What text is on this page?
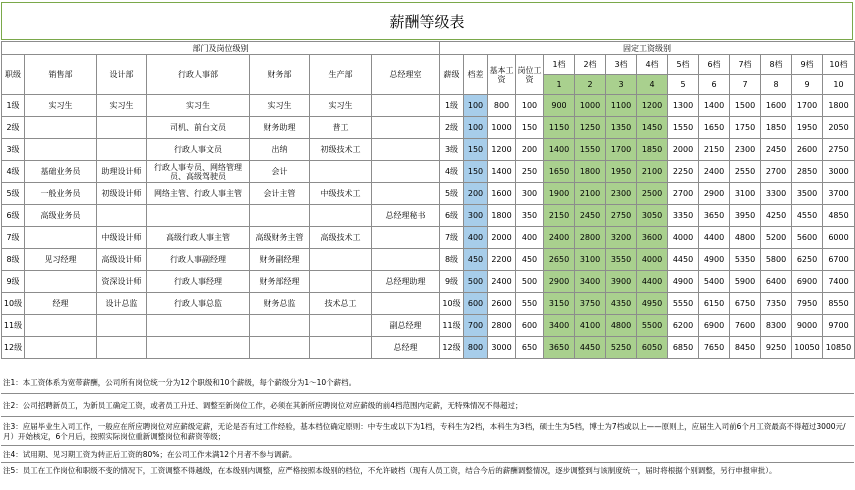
薪酬等级表
部门及岗位级别							固定工资级别													
职级	销售部	设计部	行政人事部	财务部	生产部	总经理室	薪级	档差	基本工资	岗位工资	1档	2档	3档	4档	5档	6档	7档	8档	9档	10档
											1	2	3	4	5	6	7	8	9	10
1级	实习生	实习生	实习生	实习生	实习生		1级	100	800	100	900	1000	1100	1200	1300	1400	1500	1600	1700	1800
2级			司机、前台文员	财务助理	普工		2级	100	1000	150	1150	1250	1350	1450	1550	1650	1750	1850	1950	2050
3级			行政人事文员	出纳	初级技术工		3级	150	1200	200	1400	1550	1700	1850	2000	2150	2300	2450	2600	2750
4级	基础业务员	助理设计师	行政人事专员、网络管理员、高级驾驶员	会计			4级	150	1400	250	1650	1800	1950	2100	2250	2400	2550	2700	2850	3000
5级	一般业务员	初级设计师	网络主管、行政人事主管	会计主管	中级技术工		5级	200	1600	300	1900	2100	2300	2500	2700	2900	3100	3300	3500	3700
6级	高级业务员					总经理秘书	6级	300	1800	350	2150	2450	2750	3050	3350	3650	3950	4250	4550	4850
7级		中级设计师	高级行政人事主管	高级财务主管	高级技术工		7级	400	2000	400	2400	2800	3200	3600	4000	4400	4800	5200	5600	6000
8级	见习经理	高级设计师	行政人事副经理	财务副经理			8级	450	2200	450	2650	3100	3550	4000	4450	4900	5350	5800	6250	6700
9级		资深设计师	行政人事经理	财务部经理		总经理助理	9级	500	2400	500	2900	3400	3900	4400	4900	5400	5900	6400	6900	7400
10级	经理	设计总监	行政人事总监	财务总监	技术总工		10级	600	2600	550	3150	3750	4350	4950	5550	6150	6750	7350	7950	8550
11级						副总经理	11级	700	2800	600	3400	4100	4800	5500	6200	6900	7600	8300	9000	9700
12级						总经理	12级	800	3000	650	3650	4450	5250	6050	6850	7650	8450	9250	10050	10850
注1：本工资体系为宽带薪酬，公司所有岗位统一分为12个职级和10个薪级，每个薪级分为1～10个薪档。
注2：公司招聘新员工，为新员工确定工资，或者员工升迁、调整至新岗位工作，必须在其新所应聘岗位对应薪级的前4档范围内定薪，无特殊情况不得超过；
注3：应届毕业生入司工作，一般应在所应聘岗位对应薪级定薪，无论是否有过工作经验，基本档位确定原则：中专生或以下为1档，专科生为2档，本科生为3档，硕士生为5档，博士为7档或以上——原则上，应届生入司前6个月工资最高不得超过3000元/月）开始核定，6个月后，按照实际岗位重新调整岗位和薪资等级；
注4：试用期、见习期工资为转正后工资的80%；在公司工作未满12个月者不参与调薪。
注5：员工在工作岗位和职级不变的情况下，工资调整不得越级，在本级别内调整，应严格按照本级别的档位，不允许破档（现有人员工资，结合今后的薪酬调整情况，逐步调整到与该制度统一，届时将根据个别调整，另行申报审批）。
